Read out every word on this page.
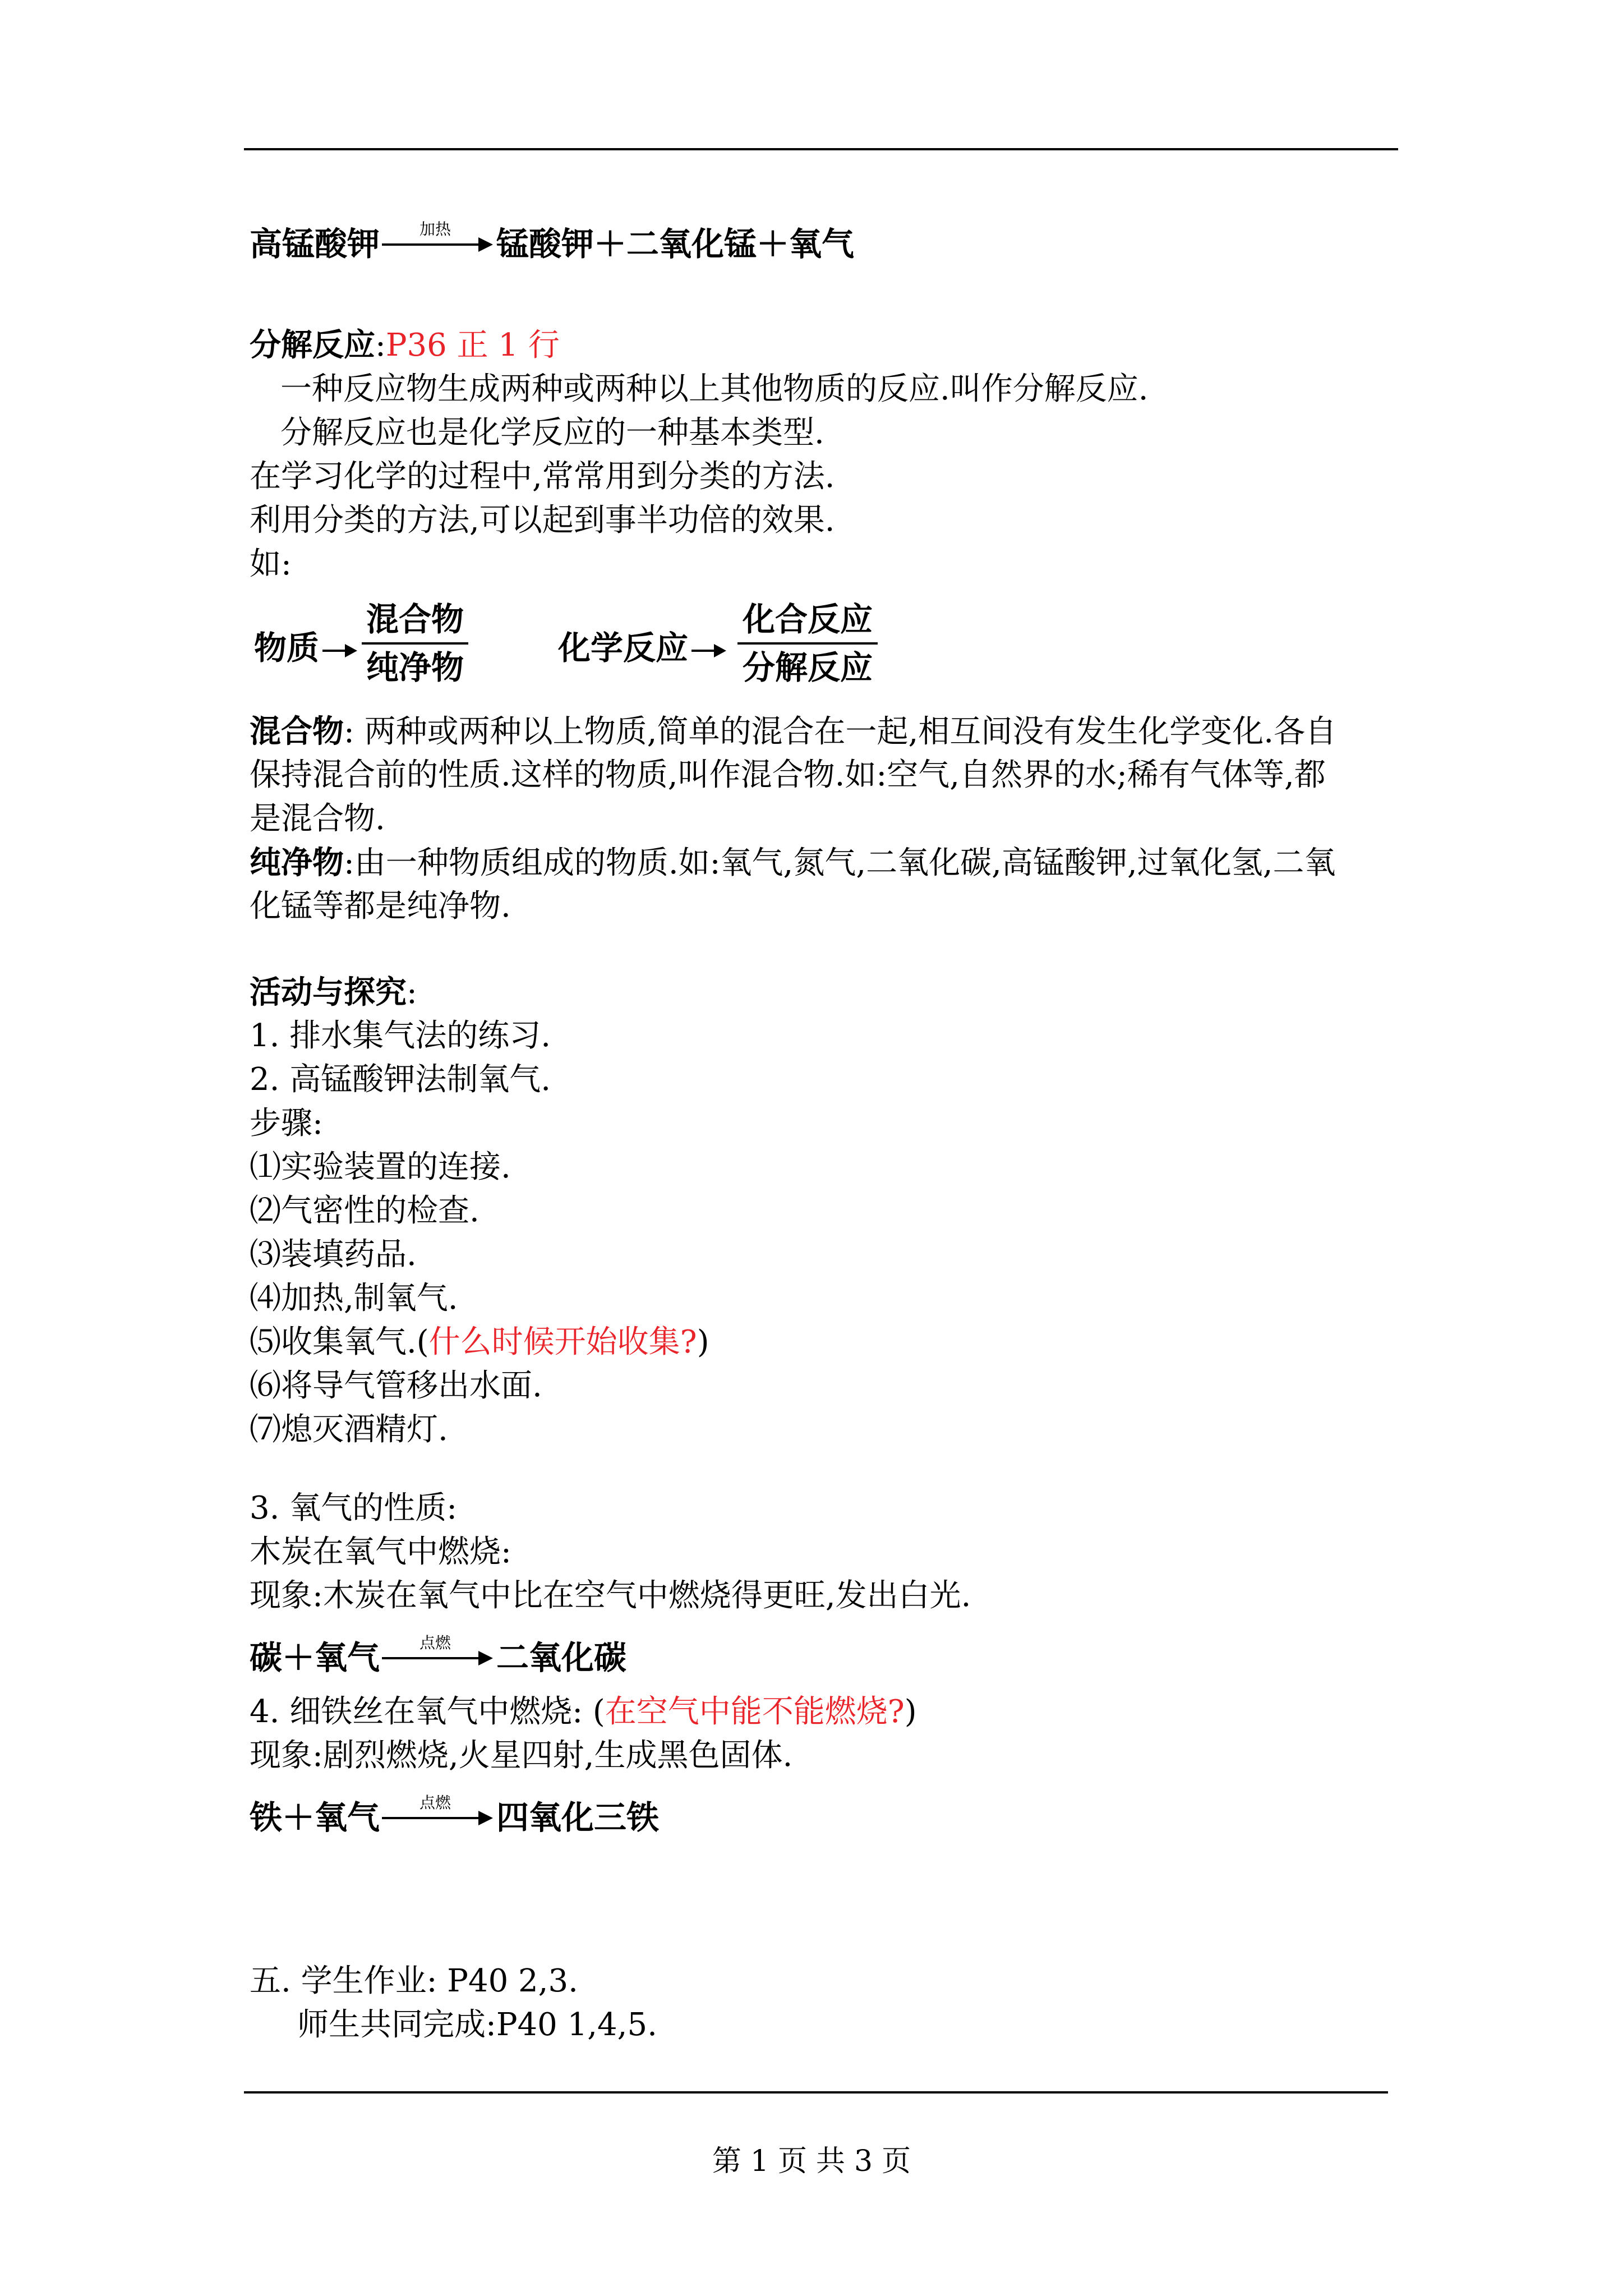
高锰酸钾	加热	锰酸钾＋二氧化锰＋氧气
分解反应:P36 正 1 行
一种反应物生成两种或两种以上其他物质的反应.叫作分解反应.
分解反应也是化学反应的一种基本类型.
在学习化学的过程中,常常用到分类的方法.
利用分类的方法,可以起到事半功倍的效果.
如:
物质
混合物
纯净物
化学反应
化合反应
分解反应
混合物: 两种或两种以上物质,简单的混合在一起,相互间没有发生化学变化.各自
保持混合前的性质.这样的物质,叫作混合物.如:空气,自然界的水;稀有气体等,都
是混合物.
纯净物:由一种物质组成的物质.如:氧气,氮气,二氧化碳,高锰酸钾,过氧化氢,二氧
化锰等都是纯净物.
活动与探究:
1. 排水集气法的练习.
2. 高锰酸钾法制氧气.
步骤:
⑴实验装置的连接.
⑵气密性的检查.
⑶装填药品.
⑷加热,制氧气.
⑸收集氧气.(什么时候开始收集?)
⑹将导气管移出水面.
⑺熄灭酒精灯.
3. 氧气的性质:
木炭在氧气中燃烧:
现象:木炭在氧气中比在空气中燃烧得更旺,发出白光.
碳＋氧气	点燃	二氧化碳
4. 细铁丝在氧气中燃烧: (在空气中能不能燃烧?)
现象:剧烈燃烧,火星四射,生成黑色固体.
铁＋氧气	点燃	四氧化三铁
五. 学生作业: P40 2,3.
师生共同完成:P40 1,4,5.
第 1 页 共 3 页
